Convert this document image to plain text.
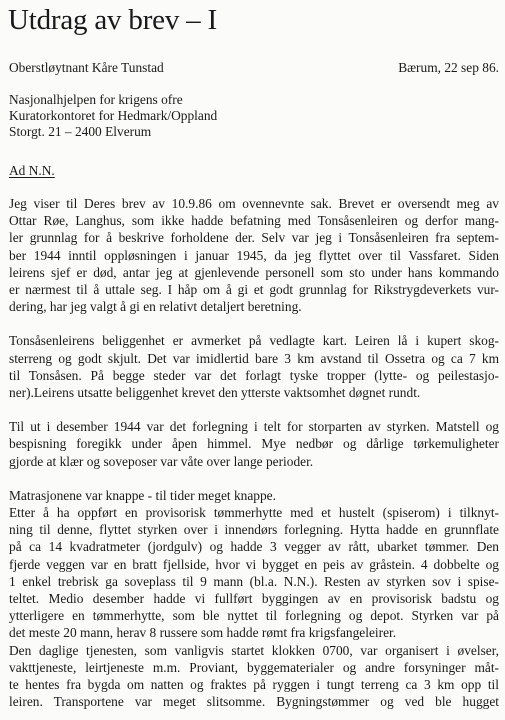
Utdrag av brev – I
Oberstløytnant Kåre Tunstad	Bærum, 22 sep 86.
Nasjonalhjelpen for krigens ofre
Kuratorkontoret for Hedmark/Oppland
Storgt. 21 – 2400 Elverum
Ad N.N.

Jeg viser til Deres brev av 10.9.86 om ovennevnte sak. Brevet er oversendt meg av
Ottar Røe, Langhus, som ikke hadde befatning med Tonsåsenleiren og derfor mang-
ler grunnlag for å beskrive forholdene der. Selv var jeg i Tonsåsenleiren fra septem-
ber 1944 inntil oppløsningen i januar 1945, da jeg flyttet over til Vassfaret. Siden
leirens sjef er død, antar jeg at gjenlevende personell som sto under hans kommando
er nærmest til å uttale seg. I håp om å gi et godt grunnlag for Rikstrygdeverkets vur-
dering, har jeg valgt å gi en relativt detaljert beretning.

Tonsåsenleirens beliggenhet er avmerket på vedlagte kart. Leiren lå i kupert skog-
sterreng og godt skjult. Det var imidlertid bare 3 km avstand til Ossetra og ca 7 km
til Tonsåsen. På begge steder var det forlagt tyske tropper (lytte- og peilestasjo-
ner).Leirens utsatte beliggenhet krevet den ytterste vaktsomhet døgnet rundt.

Til ut i desember 1944 var det forlegning i telt for storparten av styrken. Matstell og
bespisning foregikk under åpen himmel. Mye nedbør og dårlige tørkemuligheter
gjorde at klær og soveposer var våte over lange perioder.

Matrasjonene var knappe - til tider meget knappe.
Etter å ha oppført en provisorisk tømmerhytte med et hustelt (spiserom) i tilknyt-
ning til denne, flyttet styrken over i innendørs forlegning. Hytta hadde en grunnflate
på ca 14 kvadratmeter (jordgulv) og hadde 3 vegger av rått, ubarket tømmer. Den
fjerde veggen var en bratt fjellside, hvor vi bygget en peis av gråstein. 4 dobbelte og
1 enkel trebrisk ga soveplass til 9 mann (bl.a. N.N.). Resten av styrken sov i spise-
teltet. Medio desember hadde vi fullført byggingen av en provisorisk badstu og
ytterligere en tømmerhytte, som ble nyttet til forlegning og depot. Styrken var på
det meste 20 mann, herav 8 russere som hadde rømt fra krigsfangeleirer.
Den daglige tjenesten, som vanligvis startet klokken 0700, var organisert i øvelser,
vakttjeneste, leirtjeneste m.m. Proviant, byggematerialer og andre forsyninger måt-
te hentes fra bygda om natten og fraktes på ryggen i tungt terreng ca 3 km opp til
leiren. Transportene var meget slitsomme. Bygningstømmer og ved ble hugget
